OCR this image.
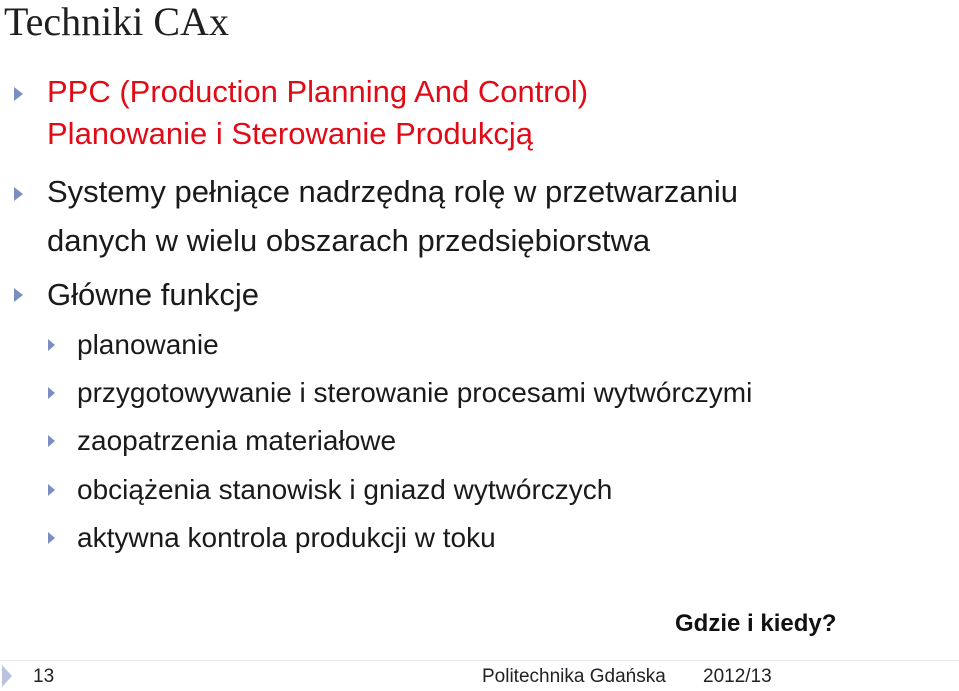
Techniki CAx
PPC (Production Planning And Control)
Planowanie i Sterowanie Produkcją
Systemy pełniące nadrzędną rolę w przetwarzaniu
danych w wielu obszarach przedsiębiorstwa
Główne funkcje
planowanie
przygotowywanie i sterowanie procesami wytwórczymi
zaopatrzenia materiałowe
obciążenia stanowisk i gniazd wytwórczych
aktywna kontrola produkcji w toku
Gdzie i kiedy?
13	Politechnika Gdańska 2012/13
